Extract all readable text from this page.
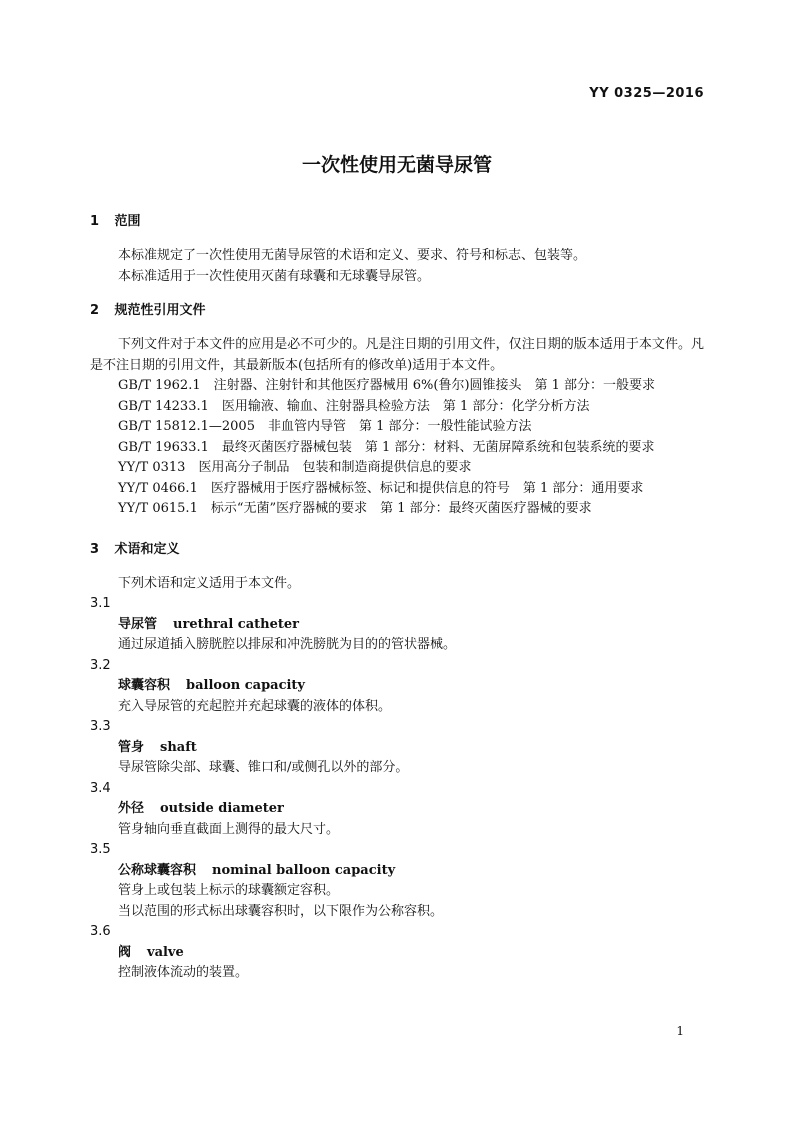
YY 0325—2016
一次性使用无菌导尿管
1 范围
本标准规定了一次性使用无菌导尿管的术语和定义、要求、符号和标志、包装等。
本标准适用于一次性使用灭菌有球囊和无球囊导尿管。
2 规范性引用文件
下列文件对于本文件的应用是必不可少的。凡是注日期的引用文件，仅注日期的版本适用于本文件。凡是不注日期的引用文件，其最新版本(包括所有的修改单)适用于本文件。
GB/T 1962.1　 注射器、注射针和其他医疗器械用 6%(鲁尔)圆锥接头　第 1 部分：一般要求
GB/T 14233.1　 医用输液、输血、注射器具检验方法　第 1 部分：化学分析方法
GB/T 15812.1—2005　 非血管内导管　第 1 部分：一般性能试验方法
GB/T 19633.1　 最终灭菌医疗器械包装　第 1 部分：材料、无菌屏障系统和包装系统的要求
YY/T 0313　 医用高分子制品　包装和制造商提供信息的要求
YY/T 0466.1　 医疗器械用于医疗器械标签、标记和提供信息的符号　第 1 部分：通用要求
YY/T 0615.1　 标示“无菌”医疗器械的要求　第 1 部分：最终灭菌医疗器械的要求
3 术语和定义
下列术语和定义适用于本文件。
3.1
导尿管 urethral catheter
通过尿道插入膀胱腔以排尿和冲洗膀胱为目的的管状器械。
3.2
球囊容积 balloon capacity
充入导尿管的充起腔并充起球囊的液体的体积。
3.3
管身 shaft
导尿管除尖部、球囊、锥口和/或侧孔以外的部分。
3.4
外径 outside diameter
管身轴向垂直截面上测得的最大尺寸。
3.5
公称球囊容积 nominal balloon capacity
管身上或包装上标示的球囊额定容积。
当以范围的形式标出球囊容积时，以下限作为公称容积。
3.6
阀 valve
控制液体流动的装置。
1
